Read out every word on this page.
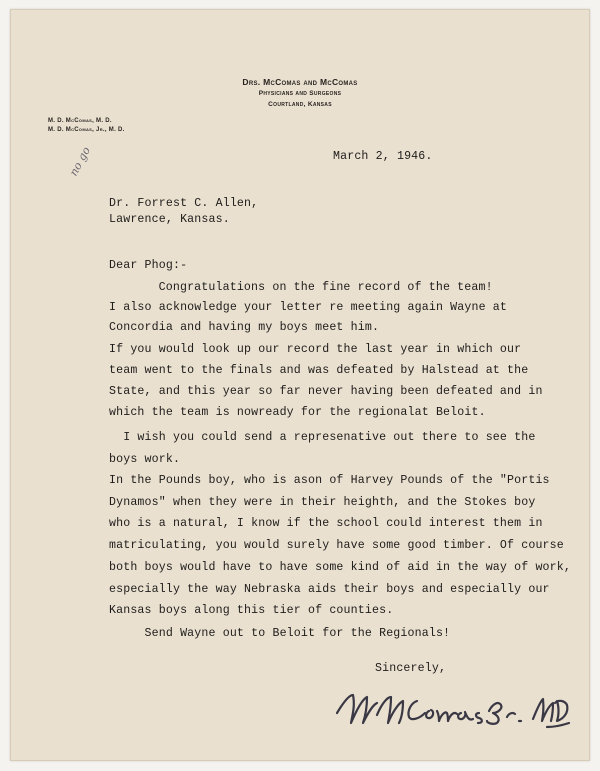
Drs. McComas and McComas
Physicians and Surgeons
Courtland, Kansas
M. D. McComas, M. D.
M. D. McComas, Jr., M. D.
no go	March 2, 1946.
Dr. Forrest C. Allen,
Lawrence, Kansas.
Dear Phog:-
Congratulations on the fine record of the team!
I also acknowledge your letter re meeting again Wayne at
Concordia and having my boys meet him.
If you would look up our record the last year in which our
team went to the finals and was defeated by Halstead at the
State, and this year so far never having been defeated and in
which the team is nowready for the regionalat Beloit.
I wish you could send a represenative out there to see the
boys work.
In the Pounds boy, who is ason of Harvey Pounds of the "Portis
Dynamos" when they were in their heighth, and the Stokes boy
who is a natural, I know if the school could interest them in
matriculating, you would surely have some good timber. Of course
both boys would have to have some kind of aid in the way of work,
especially the way Nebraska aids their boys and especially our
Kansas boys along this tier of counties.
Send Wayne out to Beloit for the Regionals!
Sincerely,
